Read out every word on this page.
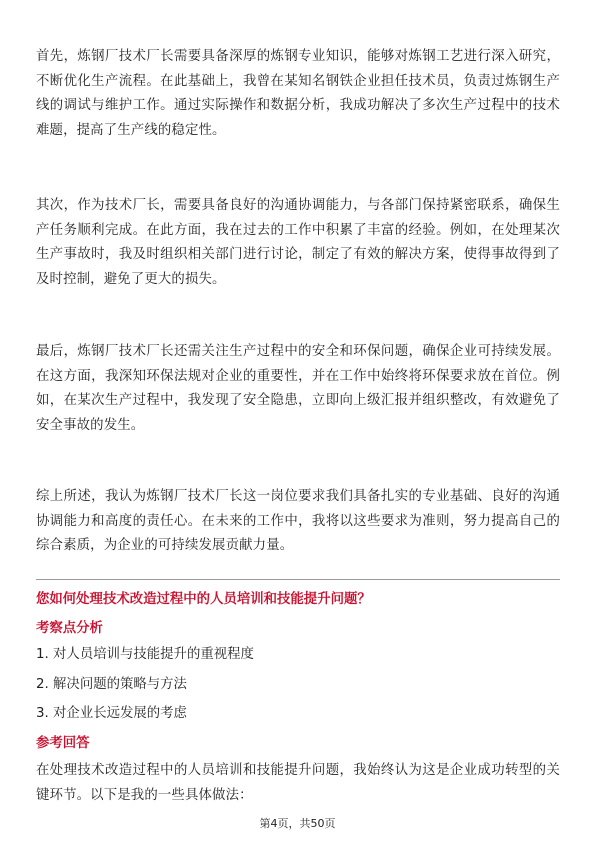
首先，炼钢厂技术厂长需要具备深厚的炼钢专业知识，能够对炼钢工艺进行深入研究，不断优化生产流程。在此基础上，我曾在某知名钢铁企业担任技术员，负责过炼钢生产线的调试与维护工作。通过实际操作和数据分析，我成功解决了多次生产过程中的技术难题，提高了生产线的稳定性。

其次，作为技术厂长，需要具备良好的沟通协调能力，与各部门保持紧密联系，确保生产任务顺利完成。在此方面，我在过去的工作中积累了丰富的经验。例如，在处理某次生产事故时，我及时组织相关部门进行讨论，制定了有效的解决方案，使得事故得到了及时控制，避免了更大的损失。

最后，炼钢厂技术厂长还需关注生产过程中的安全和环保问题，确保企业可持续发展。在这方面，我深知环保法规对企业的重要性，并在工作中始终将环保要求放在首位。例如，在某次生产过程中，我发现了安全隐患，立即向上级汇报并组织整改，有效避免了安全事故的发生。

综上所述，我认为炼钢厂技术厂长这一岗位要求我们具备扎实的专业基础、良好的沟通协调能力和高度的责任心。在未来的工作中，我将以这些要求为准则，努力提高自己的综合素质，为企业的可持续发展贡献力量。

您如何处理技术改造过程中的人员培训和技能提升问题？

考察点分析

1. 对人员培训与技能提升的重视程度

2. 解决问题的策略与方法

3. 对企业长远发展的考虑

参考回答

在处理技术改造过程中的人员培训和技能提升问题，我始终认为这是企业成功转型的关键环节。以下是我的一些具体做法：

第4页，共50页
